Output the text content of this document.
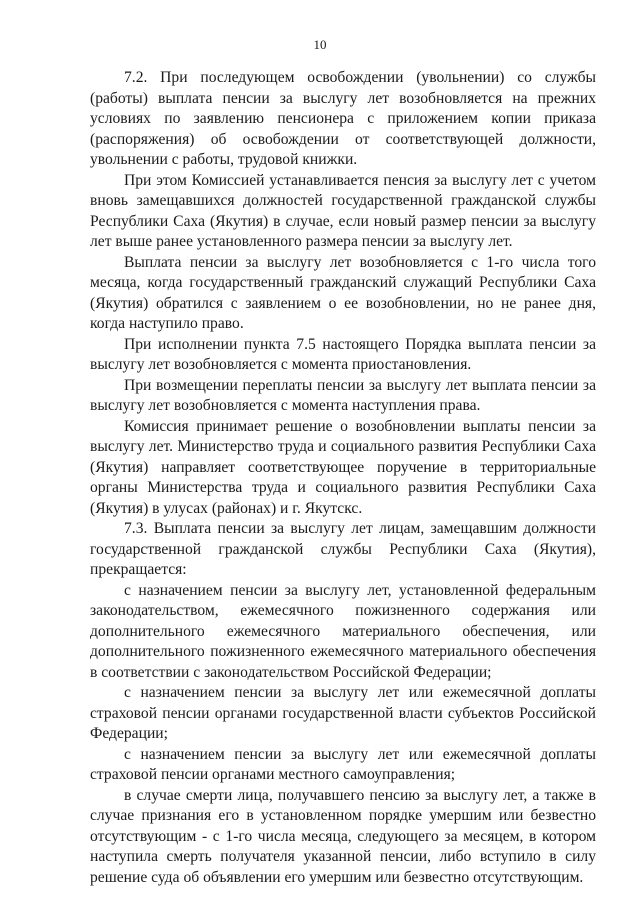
10

7.2. При последующем освобождении (увольнении) со службы (работы) выплата пенсии за выслугу лет возобновляется на прежних условиях по заявлению пенсионера с приложением копии приказа (распоряжения) об освобождении от соответствующей должности, увольнении с работы, трудовой книжки.

При этом Комиссией устанавливается пенсия за выслугу лет с учетом вновь замещавшихся должностей государственной гражданской службы Республики Саха (Якутия) в случае, если новый размер пенсии за выслугу лет выше ранее установленного размера пенсии за выслугу лет.

Выплата пенсии за выслугу лет возобновляется с 1-го числа того месяца, когда государственный гражданский служащий Республики Саха (Якутия) обратился с заявлением о ее возобновлении, но не ранее дня, когда наступило право.

При исполнении пункта 7.5 настоящего Порядка выплата пенсии за выслугу лет возобновляется с момента приостановления.

При возмещении переплаты пенсии за выслугу лет выплата пенсии за выслугу лет возобновляется с момента наступления права.

Комиссия принимает решение о возобновлении выплаты пенсии за выслугу лет. Министерство труда и социального развития Республики Саха (Якутия) направляет соответствующее поручение в территориальные органы Министерства труда и социального развития Республики Саха (Якутия) в улусах (районах) и г. Якутскс.

7.3. Выплата пенсии за выслугу лет лицам, замещавшим должности государственной гражданской службы Республики Саха (Якутия), прекращается:

с назначением пенсии за выслугу лет, установленной федеральным законодательством, ежемесячного пожизненного содержания или дополнительного ежемесячного материального обеспечения, или дополнительного пожизненного ежемесячного материального обеспечения в соответствии с законодательством Российской Федерации;

с назначением пенсии за выслугу лет или ежемесячной доплаты страховой пенсии органами государственной власти субъектов Российской Федерации;

с назначением пенсии за выслугу лет или ежемесячной доплаты страховой пенсии органами местного самоуправления;

в случае смерти лица, получавшего пенсию за выслугу лет, а также в случае признания его в установленном порядке умершим или безвестно отсутствующим - с 1-го числа месяца, следующего за месяцем, в котором наступила смерть получателя указанной пенсии, либо вступило в силу решение суда об объявлении его умершим или безвестно отсутствующим.
